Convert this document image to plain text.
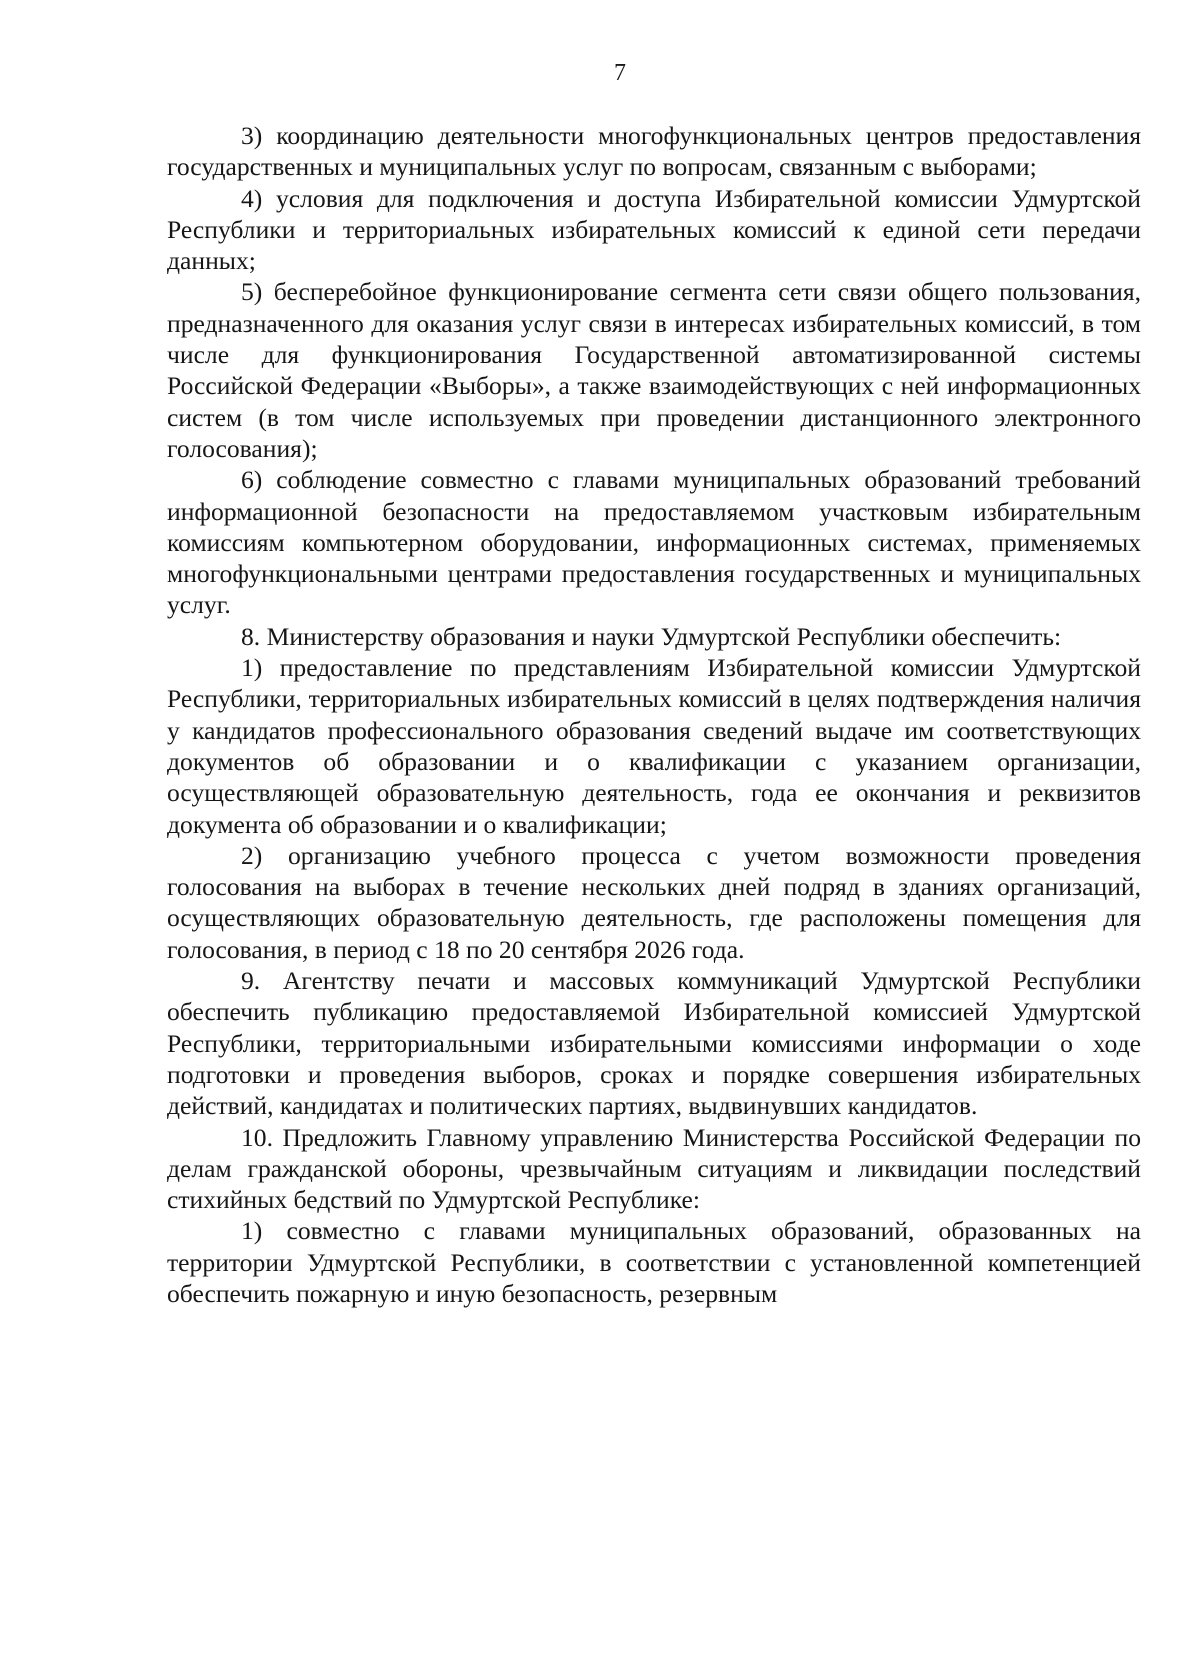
7

3) координацию деятельности многофункциональных центров предоставления государственных и муниципальных услуг по вопросам, связанным с выборами;

4) условия для подключения и доступа Избирательной комиссии Удмуртской Республики и территориальных избирательных комиссий к единой сети передачи данных;

5) бесперебойное функционирование сегмента сети связи общего пользования, предназначенного для оказания услуг связи в интересах избирательных комиссий, в том числе для функционирования Государственной автоматизированной системы Российской Федерации «Выборы», а также взаимодействующих с ней информационных систем (в том числе используемых при проведении дистанционного электронного голосования);

6) соблюдение совместно с главами муниципальных образований требований информационной безопасности на предоставляемом участковым избирательным комиссиям компьютерном оборудовании, информационных системах, применяемых многофункциональными центрами предоставления государственных и муниципальных услуг.

8. Министерству образования и науки Удмуртской Республики обеспечить:

1) предоставление по представлениям Избирательной комиссии Удмуртской Республики, территориальных избирательных комиссий в целях подтверждения наличия у кандидатов профессионального образования сведений выдаче им соответствующих документов об образовании и о квалификации с указанием организации, осуществляющей образовательную деятельность, года ее окончания и реквизитов документа об образовании и о квалификации;

2) организацию учебного процесса с учетом возможности проведения голосования на выборах в течение нескольких дней подряд в зданиях организаций, осуществляющих образовательную деятельность, где расположены помещения для голосования, в период с 18 по 20 сентября 2026 года.

9. Агентству печати и массовых коммуникаций Удмуртской Республики обеспечить публикацию предоставляемой Избирательной комиссией Удмуртской Республики, территориальными избирательными комиссиями информации о ходе подготовки и проведения выборов, сроках и порядке совершения избирательных действий, кандидатах и политических партиях, выдвинувших кандидатов.

10. Предложить Главному управлению Министерства Российской Федерации по делам гражданской обороны, чрезвычайным ситуациям и ликвидации последствий стихийных бедствий по Удмуртской Республике:

1) совместно с главами муниципальных образований, образованных на территории Удмуртской Республики, в соответствии с установленной компетенцией обеспечить пожарную и иную безопасность, резервным
